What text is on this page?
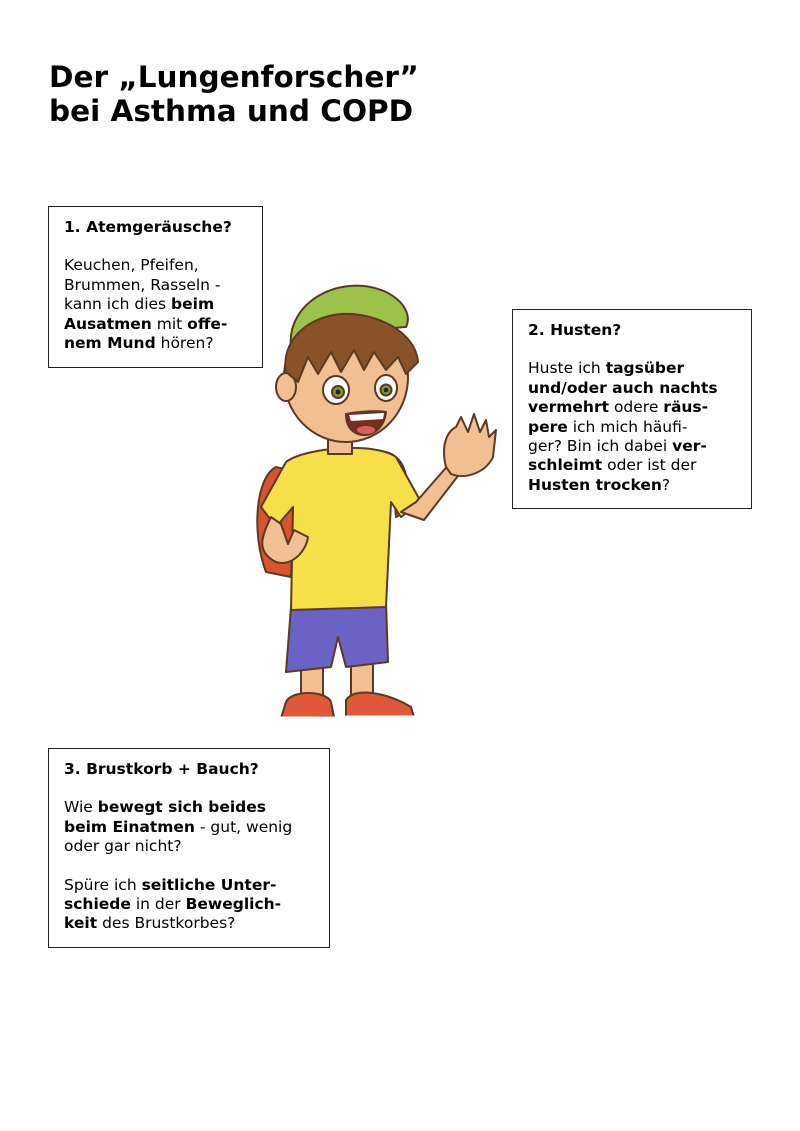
Der „Lungenforscher”
bei Asthma und COPD
1. Atemgeräusche?

Keuchen, Pfeifen,
Brummen, Rasseln -
kann ich dies beim
Ausatmen mit offe-
nem Mund hören?

2. Husten?

Huste ich tagsüber
und/oder auch nachts
vermehrt odere räus-
pere ich mich häufi-
ger? Bin ich dabei ver-
schleimt oder ist der
Husten trocken?

3. Brustkorb + Bauch?

Wie bewegt sich beides
beim Einatmen - gut, wenig
oder gar nicht?

Spüre ich seitliche Unter-
schiede in der Beweglich-
keit des Brustkorbes?
